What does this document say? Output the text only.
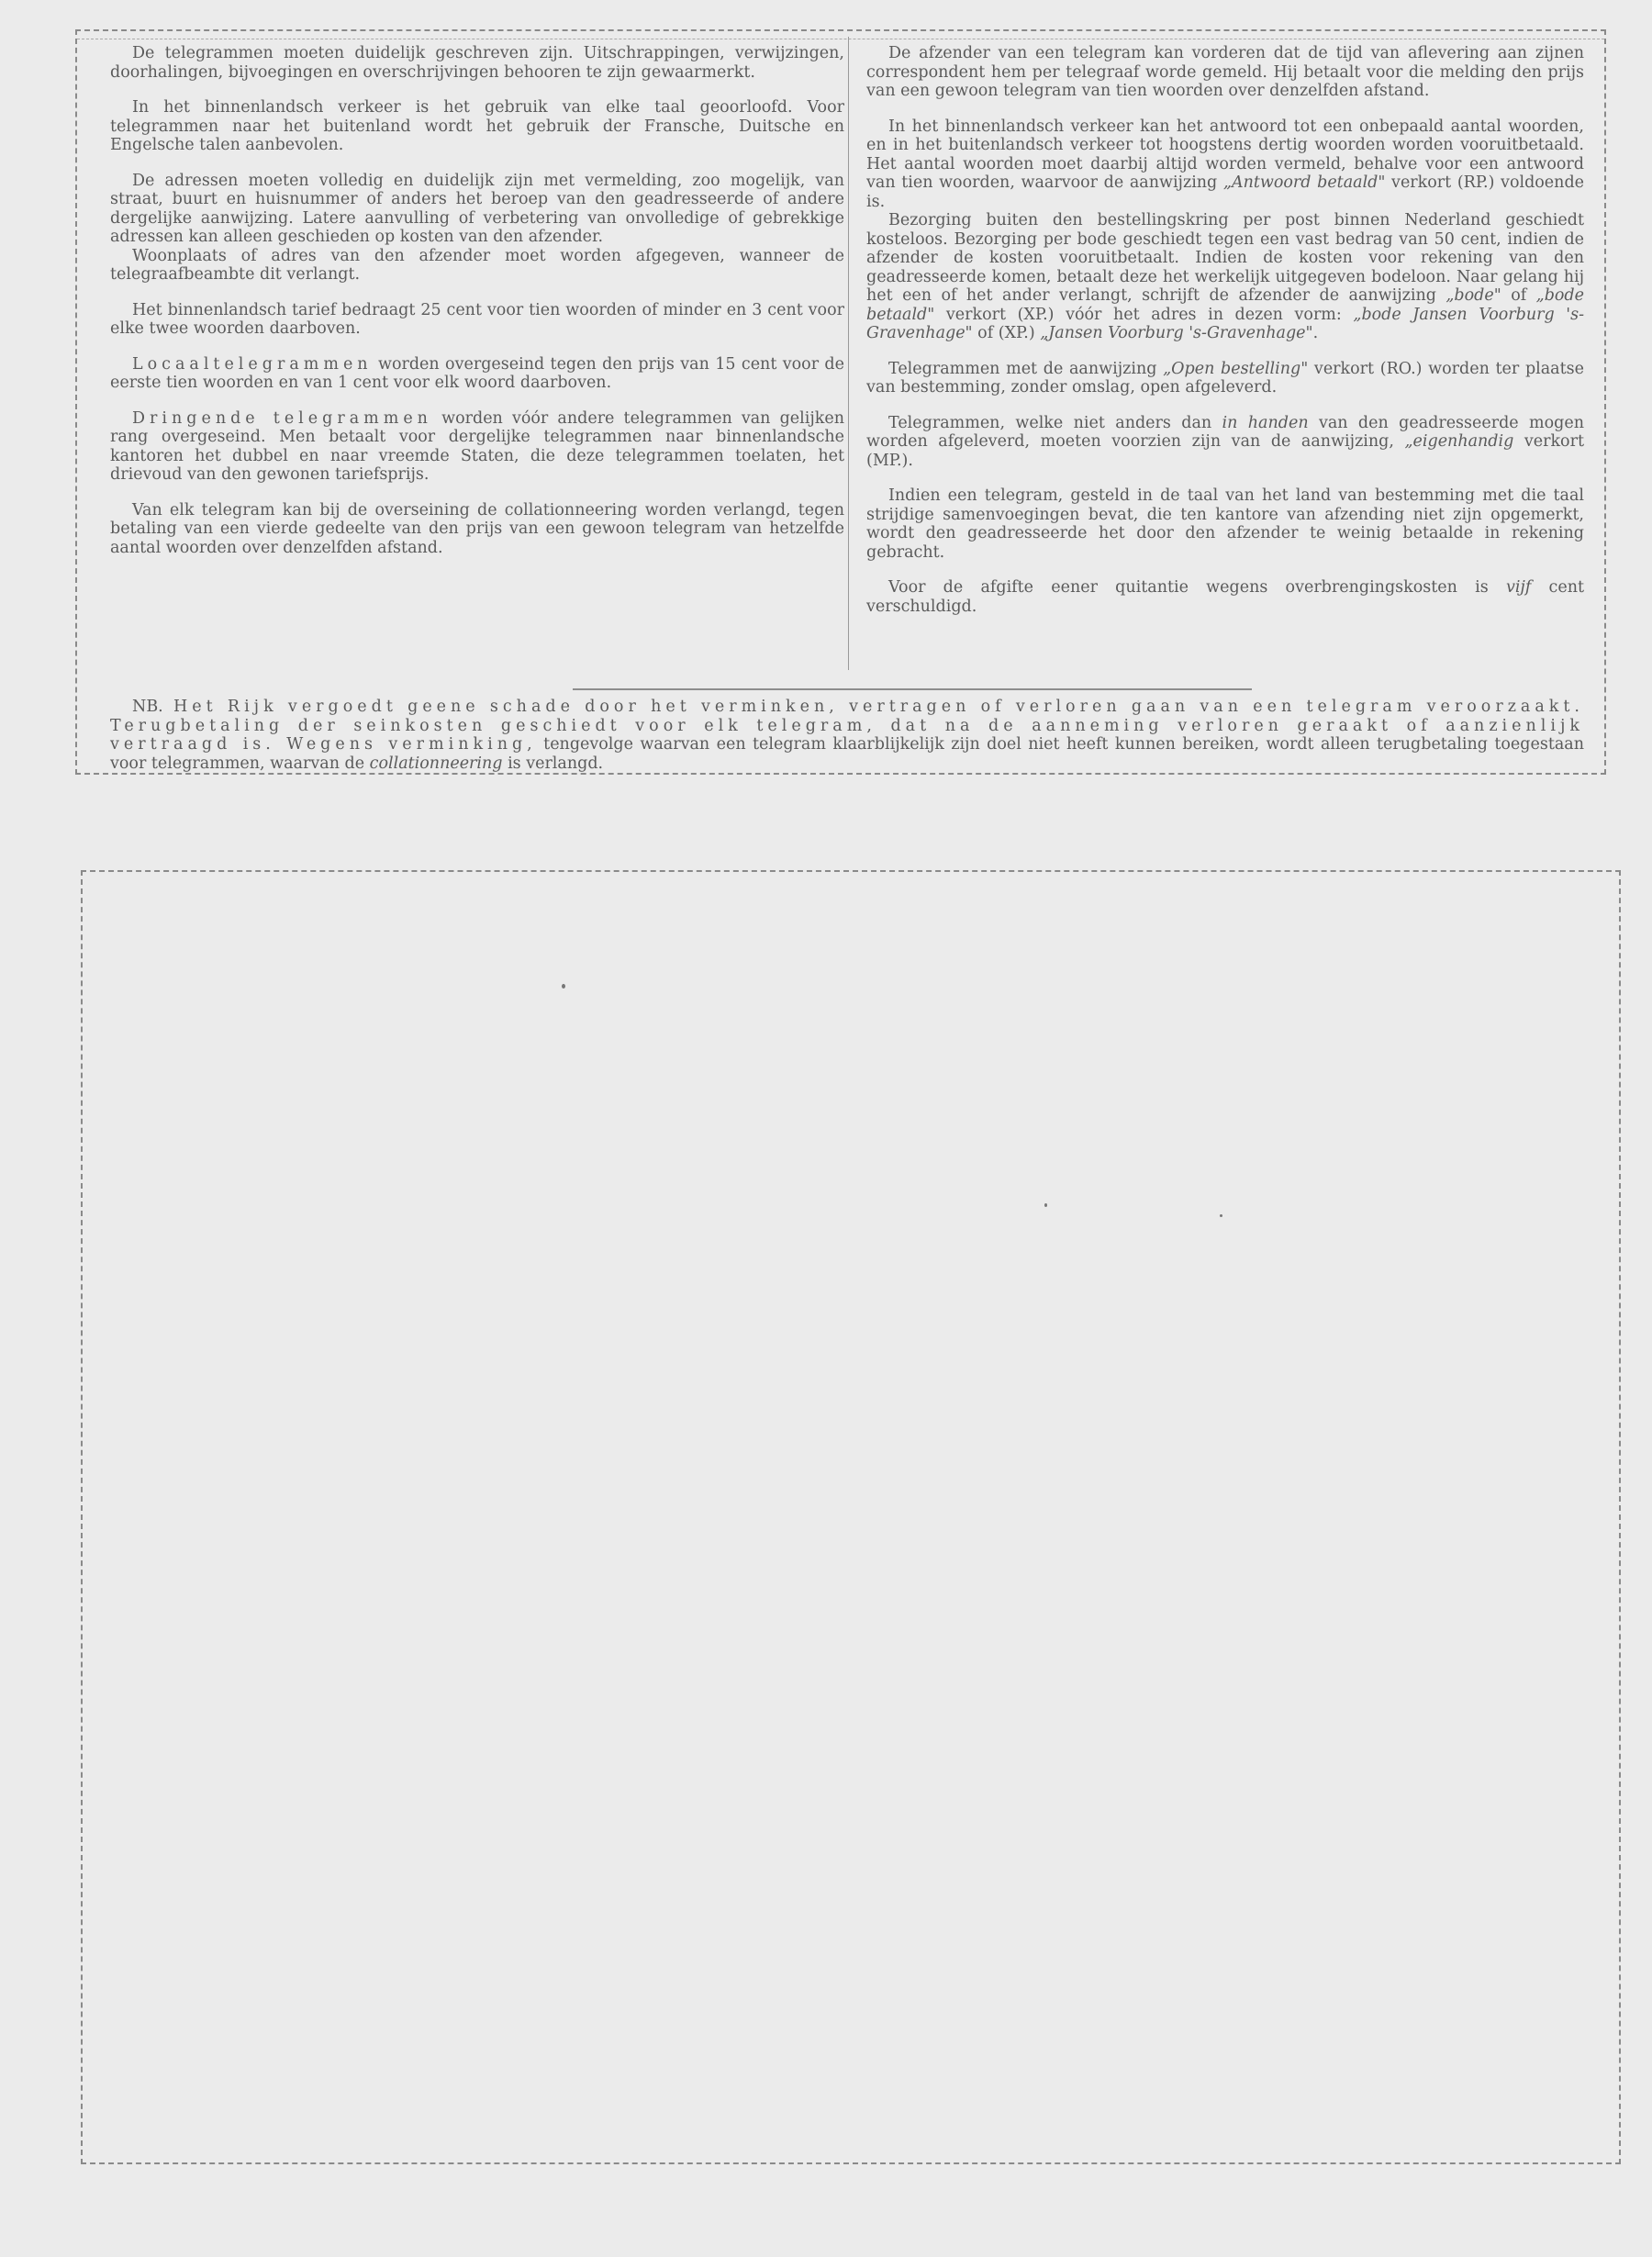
De telegrammen moeten duidelijk geschreven zijn. Uitschrappingen, verwijzingen, doorhalingen, bijvoegingen en overschrijvingen behooren te zijn gewaarmerkt.

In het binnenlandsch verkeer is het gebruik van elke taal geoorloofd. Voor telegrammen naar het buitenland wordt het gebruik der Fransche, Duitsche en Engelsche talen aanbevolen.

De adressen moeten volledig en duidelijk zijn met vermelding, zoo mogelijk, van straat, buurt en huisnummer of anders het beroep van den geadresseerde of andere dergelijke aanwijzing. Latere aanvulling of verbetering van onvolledige of gebrekkige adressen kan alleen geschieden op kosten van den afzender.

Woonplaats of adres van den afzender moet worden afgegeven, wanneer de telegraafbeambte dit verlangt.

Het binnenlandsch tarief bedraagt 25 cent voor tien woorden of minder en 3 cent voor elke twee woorden daarboven.

Locaaltelegrammen worden overgeseind tegen den prijs van 15 cent voor de eerste tien woorden en van 1 cent voor elk woord daarboven.

Dringende telegrammen worden vóór andere telegrammen van gelijken rang overgeseind. Men betaalt voor dergelijke telegrammen naar binnenlandsche kantoren het dubbel en naar vreemde Staten, die deze telegrammen toelaten, het drievoud van den gewonen tariefsprijs.

Van elk telegram kan bij de overseining de collationneering worden verlangd, tegen betaling van een vierde gedeelte van den prijs van een gewoon telegram van hetzelfde aantal woorden over denzelfden afstand.

De afzender van een telegram kan vorderen dat de tijd van aflevering aan zijnen correspondent hem per telegraaf worde gemeld. Hij betaalt voor die melding den prijs van een gewoon telegram van tien woorden over denzelfden afstand.

In het binnenlandsch verkeer kan het antwoord tot een onbepaald aantal woorden, en in het buitenlandsch verkeer tot hoogstens dertig woorden worden vooruitbetaald. Het aantal woorden moet daarbij altijd worden vermeld, behalve voor een antwoord van tien woorden, waarvoor de aanwijzing „Antwoord betaald" verkort (RP.) voldoende is.

Bezorging buiten den bestellingskring per post binnen Nederland geschiedt kosteloos. Bezorging per bode geschiedt tegen een vast bedrag van 50 cent, indien de afzender de kosten vooruitbetaalt. Indien de kosten voor rekening van den geadresseerde komen, betaalt deze het werkelijk uitgegeven bodeloon. Naar gelang hij het een of het ander verlangt, schrijft de afzender de aanwijzing „bode" of „bode betaald" verkort (XP.) vóór het adres in dezen vorm: „bode Jansen Voorburg 's-Gravenhage" of (XP.) „Jansen Voorburg 's-Gravenhage".

Telegrammen met de aanwijzing „Open bestelling" verkort (RO.) worden ter plaatse van bestemming, zonder omslag, open afgeleverd.

Telegrammen, welke niet anders dan in handen van den geadresseerde mogen worden afgeleverd, moeten voorzien zijn van de aanwijzing, „eigenhandig verkort (MP.).

Indien een telegram, gesteld in de taal van het land van bestemming met die taal strijdige samenvoegingen bevat, die ten kantore van afzending niet zijn opgemerkt, wordt den geadresseerde het door den afzender te weinig betaalde in rekening gebracht.

Voor de afgifte eener quitantie wegens overbrengingskosten is vijf cent verschuldigd.

NB. Het Rijk vergoedt geene schade door het verminken, vertragen of verloren gaan van een telegram veroorzaakt. Terugbetaling der seinkosten geschiedt voor elk telegram, dat na de aanneming verloren geraakt of aanzienlijk vertraagd is. Wegens verminking, tengevolge waarvan een telegram klaarblijkelijk zijn doel niet heeft kunnen bereiken, wordt alleen terugbetaling toegestaan voor telegrammen, waarvan de collationneering is verlangd.
